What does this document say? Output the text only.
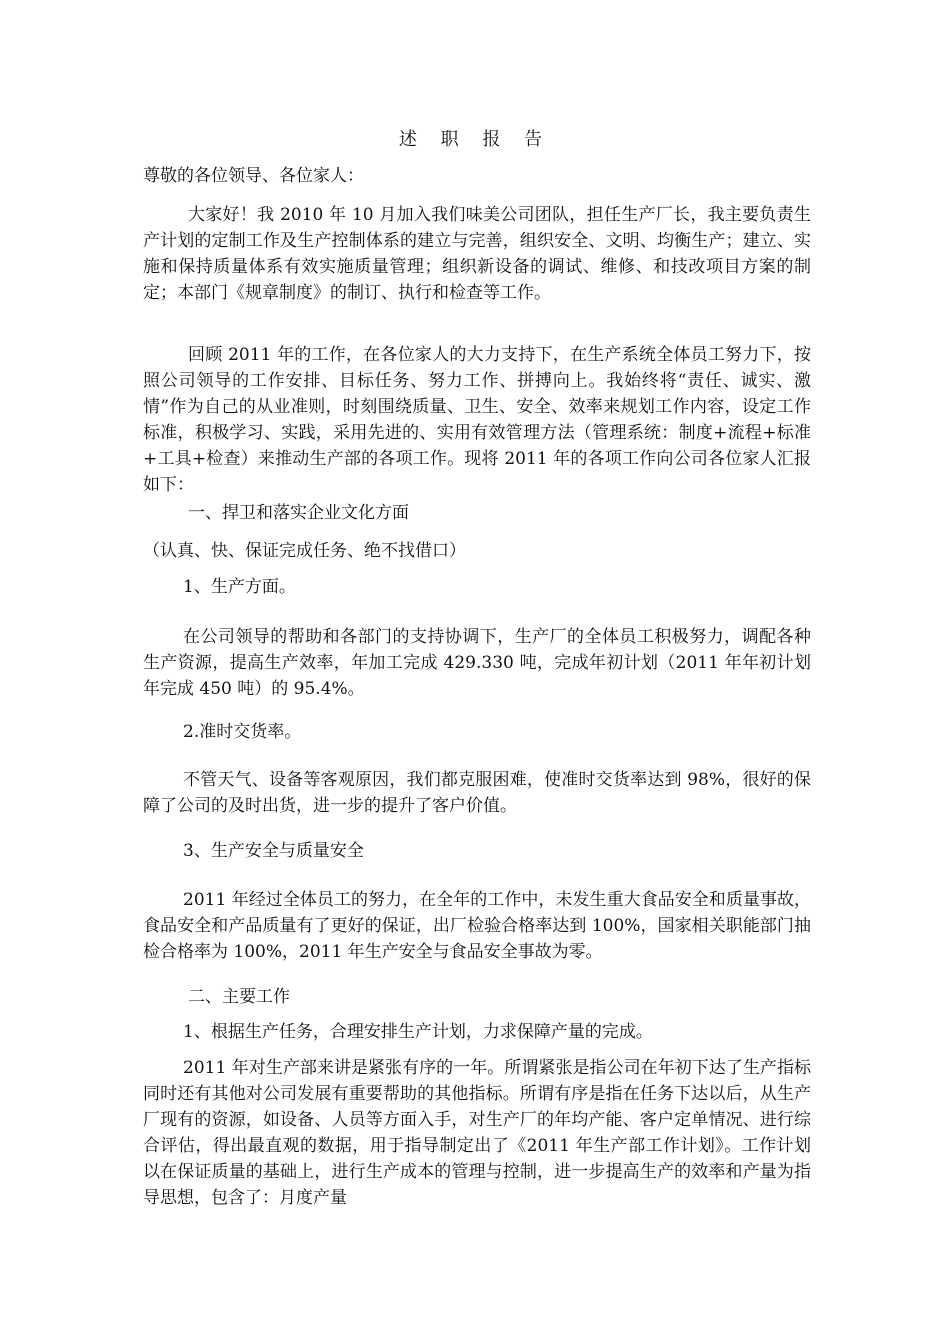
述 职 报 告

尊敬的各位领导、各位家人：

大家好！我 2010 年 10 月加入我们味美公司团队，担任生产厂长，我主要负责生产计划的定制工作及生产控制体系的建立与完善，组织安全、文明、均衡生产；建立、实施和保持质量体系有效实施质量管理；组织新设备的调试、维修、和技改项目方案的制定；本部门《规章制度》的制订、执行和检查等工作。

回顾 2011 年的工作，在各位家人的大力支持下，在生产系统全体员工努力下，按照公司领导的工作安排、目标任务、努力工作、拼搏向上。我始终将“责任、诚实、激情”作为自己的从业准则，时刻围绕质量、卫生、安全、效率来规划工作内容，设定工作标准，积极学习、实践，采用先进的、实用有效管理方法（管理系统：制度+流程+标准+工具+检查）来推动生产部的各项工作。现将 2011 年的各项工作向公司各位家人汇报如下：

一、捍卫和落实企业文化方面

（认真、快、保证完成任务、绝不找借口）

1、生产方面。

在公司领导的帮助和各部门的支持协调下，生产厂的全体员工积极努力，调配各种生产资源，提高生产效率，年加工完成 429.330 吨，完成年初计划（2011 年年初计划年完成 450 吨）的 95.4%。

2.准时交货率。

不管天气、设备等客观原因，我们都克服困难，使准时交货率达到 98%，很好的保障了公司的及时出货，进一步的提升了客户价值。

3、生产安全与质量安全

2011 年经过全体员工的努力，在全年的工作中，未发生重大食品安全和质量事故，食品安全和产品质量有了更好的保证，出厂检验合格率达到 100%，国家相关职能部门抽检合格率为 100%，2011 年生产安全与食品安全事故为零。

二、主要工作

1、根据生产任务，合理安排生产计划，力求保障产量的完成。

2011 年对生产部来讲是紧张有序的一年。所谓紧张是指公司在年初下达了生产指标同时还有其他对公司发展有重要帮助的其他指标。所谓有序是指在任务下达以后，从生产厂现有的资源，如设备、人员等方面入手，对生产厂的年均产能、客户定单情况、进行综合评估，得出最直观的数据，用于指导制定出了《2011 年生产部工作计划》。工作计划以在保证质量的基础上，进行生产成本的管理与控制，进一步提高生产的效率和产量为指导思想，包含了：月度产量
